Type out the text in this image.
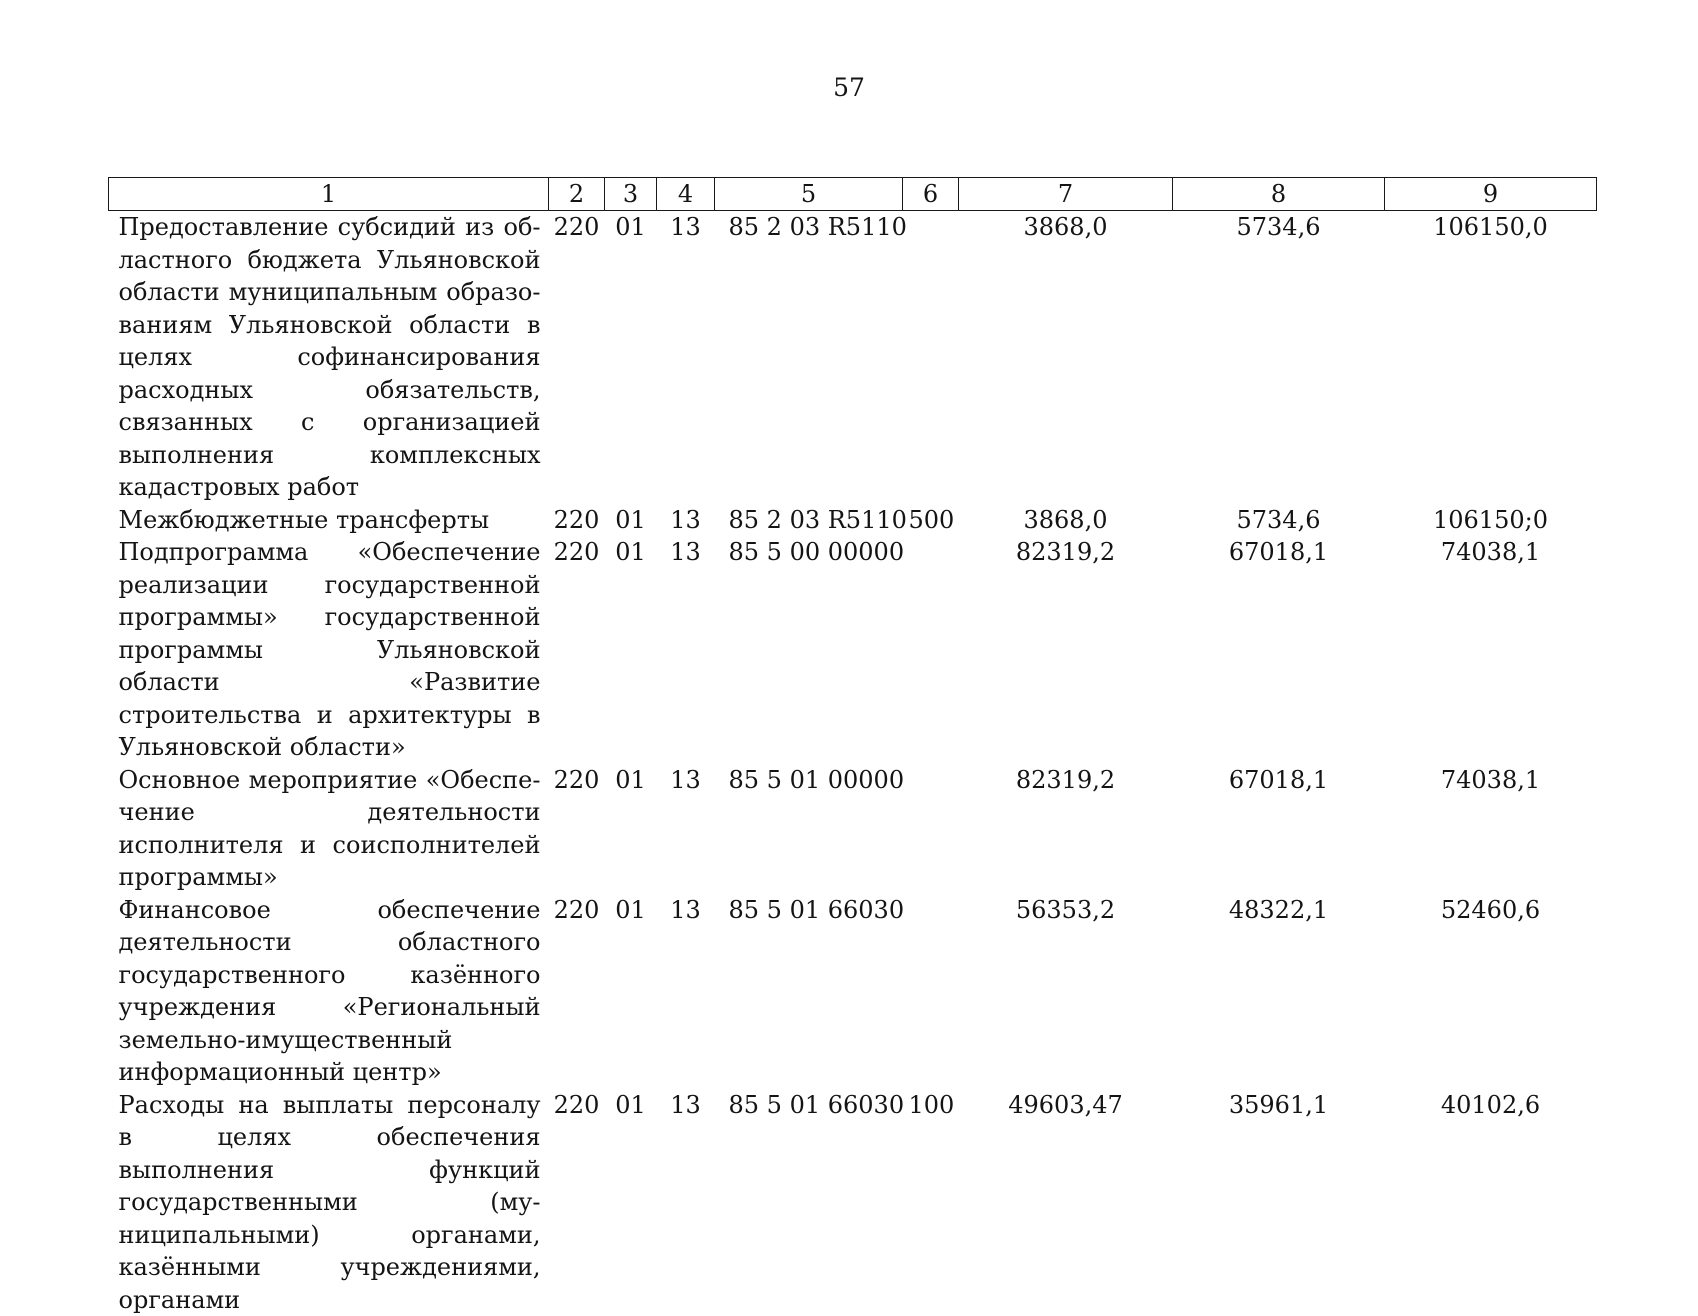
57
1	2	3	4	5	6	7	8	9
Предоставление субсидий из областного бюджета Ульяновской области муниципальным образованиям Ульяновской области в целях софинансирования расходных обязательств, связанных с организацией выполнения комплексных кадастровых работ	220	01	13	85 2 03 R5110		3868,0	5734,6	106150,0
Межбюджетные трансферты	220	01	13	85 2 03 R5110	500	3868,0	5734,6	106150;0
Подпрограмма «Обеспечение реализации государственной программы» государственной программы Ульяновской области «Развитие строительства и архитектуры в Ульяновской области»	220	01	13	85 5 00 00000		82319,2	67018,1	74038,1
Основное мероприятие «Обеспечение деятельности исполнителя и соисполнителей программы»	220	01	13	85 5 01 00000		82319,2	67018,1	74038,1
Финансовое обеспечение деятельности областного государственного казённого учреждения «Региональный земельно-имущественный информационный центр»	220	01	13	85 5 01 66030		56353,2	48322,1	52460,6
Расходы на выплаты персоналу в целях обеспечения выполнения функций государственными (муниципальными) органами, казёнными учреждениями, органами	220	01	13	85 5 01 66030	100	49603,47	35961,1	40102,6
